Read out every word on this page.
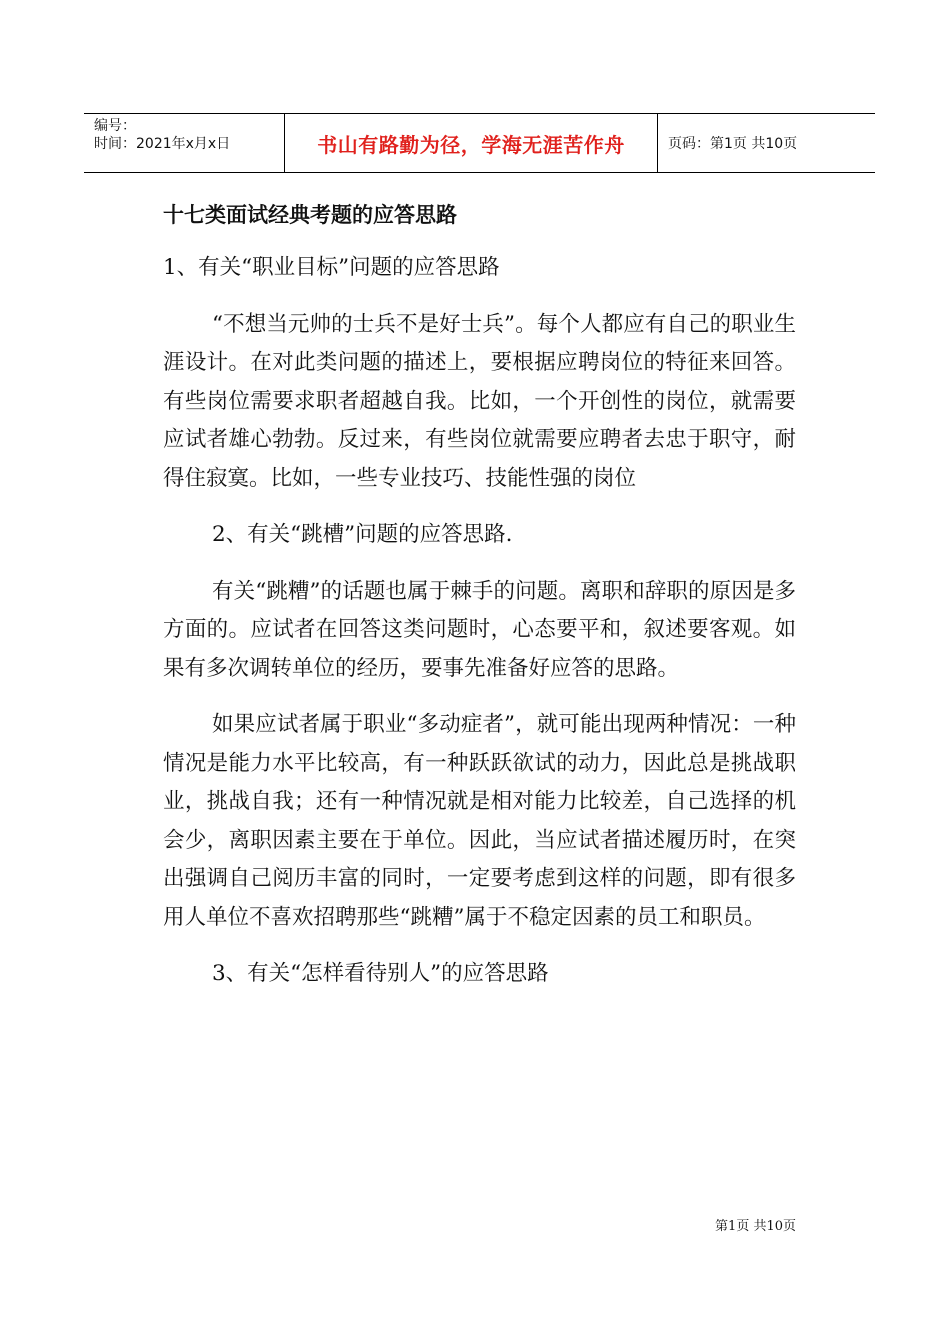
编号：
时间：2021年x月x日	书山有路勤为径，学海无涯苦作舟	页码：第1页 共10页
十七类面试经典考题的应答思路

1、有关“职业目标”问题的应答思路

“不想当元帅的士兵不是好士兵”。每个人都应有自己的职业生涯设计。在对此类问题的描述上，要根据应聘岗位的特征来回答。有些岗位需要求职者超越自我。比如，一个开创性的岗位，就需要应试者雄心勃勃。反过来，有些岗位就需要应聘者去忠于职守，耐得住寂寞。比如，一些专业技巧、技能性强的岗位

2、有关“跳槽”问题的应答思路.

有关“跳糟”的话题也属于棘手的问题。离职和辞职的原因是多方面的。应试者在回答这类问题时，心态要平和，叙述要客观。如果有多次调转单位的经历，要事先准备好应答的思路。

如果应试者属于职业“多动症者”，就可能出现两种情况：一种情况是能力水平比较高，有一种跃跃欲试的动力，因此总是挑战职业，挑战自我；还有一种情况就是相对能力比较差，自己选择的机会少，离职因素主要在于单位。因此，当应试者描述履历时，在突出强调自己阅历丰富的同时，一定要考虑到这样的问题，即有很多用人单位不喜欢招聘那些“跳糟”属于不稳定因素的员工和职员。

3、有关“怎样看待别人”的应答思路

第1页 共10页
